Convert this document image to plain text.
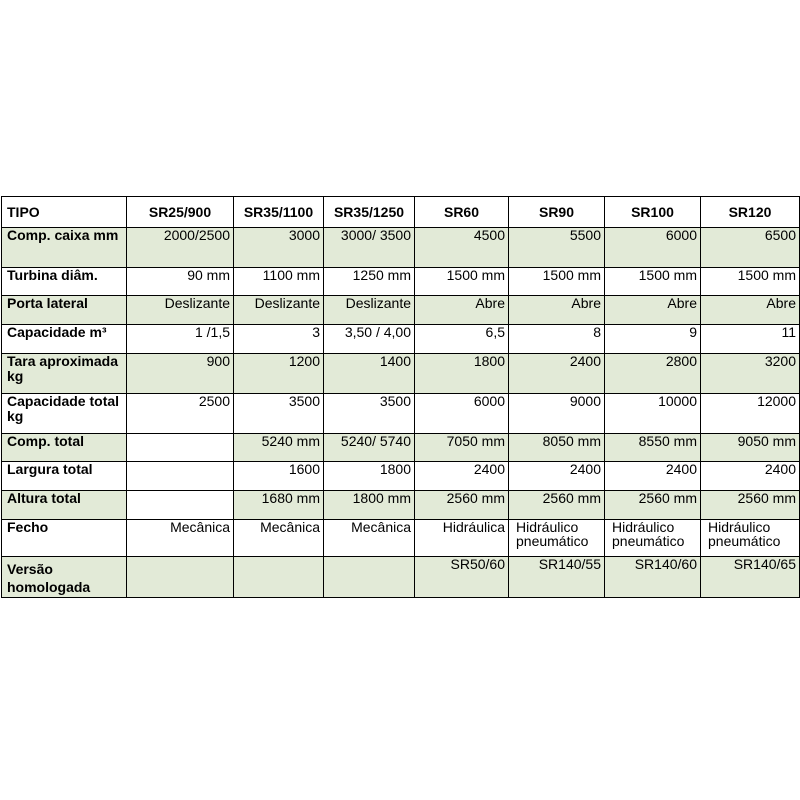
TIPO	SR25/900	SR35/1100	SR35/1250	SR60	SR90	SR100	SR120
Comp. caixa mm	2000/2500	3000	3000/ 3500	4500	5500	6000	6500
Turbina diâm.	90 mm	1100 mm	1250 mm	1500 mm	1500 mm	1500 mm	1500 mm
Porta lateral	Deslizante	Deslizante	Deslizante	Abre	Abre	Abre	Abre
Capacidade m³	1 /1,5	3	3,50 / 4,00	6,5	8	9	11
Tara aproximada kg	900	1200	1400	1800	2400	2800	3200
Capacidade total kg	2500	3500	3500	6000	9000	10000	12000
Comp. total		5240 mm	5240/ 5740	7050 mm	8050 mm	8550 mm	9050 mm
Largura total		1600	1800	2400	2400	2400	2400
Altura total		1680 mm	1800 mm	2560 mm	2560 mm	2560 mm	2560 mm
Fecho	Mecânica	Mecânica	Mecânica	Hidráulica	Hidráulico pneumático	Hidráulico pneumático	Hidráulico pneumático
Versão homologada				SR50/60	SR140/55	SR140/60	SR140/65
